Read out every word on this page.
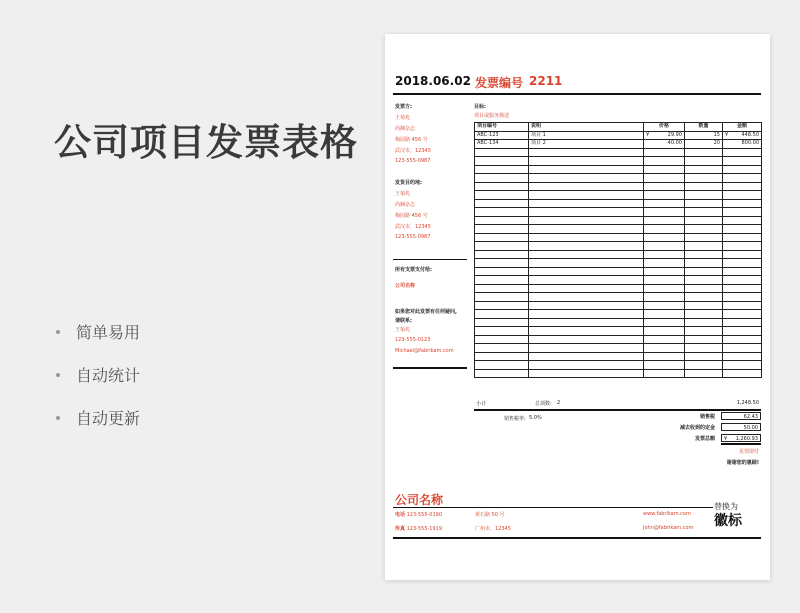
公司项目发票表格
简单易用
自动统计
自动更新
2018.06.02 发票编号 2211
发票方:
王菊兆
尚捆杂志
梅园路 456 号
武汉市，12345
123-555-0987
发货目的地:
王菊兆
尚捆杂志
梅园路 456 号
武汉市，12345
123-555-0987
所有支票支付给:
公司名称
如果您对此发票有任何疑问,
请联系:
王菊兆
123-555-0123
Michael@fabrikam.com
目标:
项目或服务描述
项目编号	说明	价格	数量	金额
ABC-123	项目 1	¥ 29.90	15	¥ 448.50
ABC-134	项目 2	40.00	20	800.00

小计	总项数: 2	1,248.50
销售税率: 5.0%	销售税	62.43
减去收到的定金	50.00
发票总额 ¥ 1,260.93
见票即付
谢谢您的惠顾!
公司名称	替换为
徽标
电话 123-555-0190
传真 123-555-1919
黄石路 50 号
广州市，12345
www.fabrikam.com
John@fabrikam.com
